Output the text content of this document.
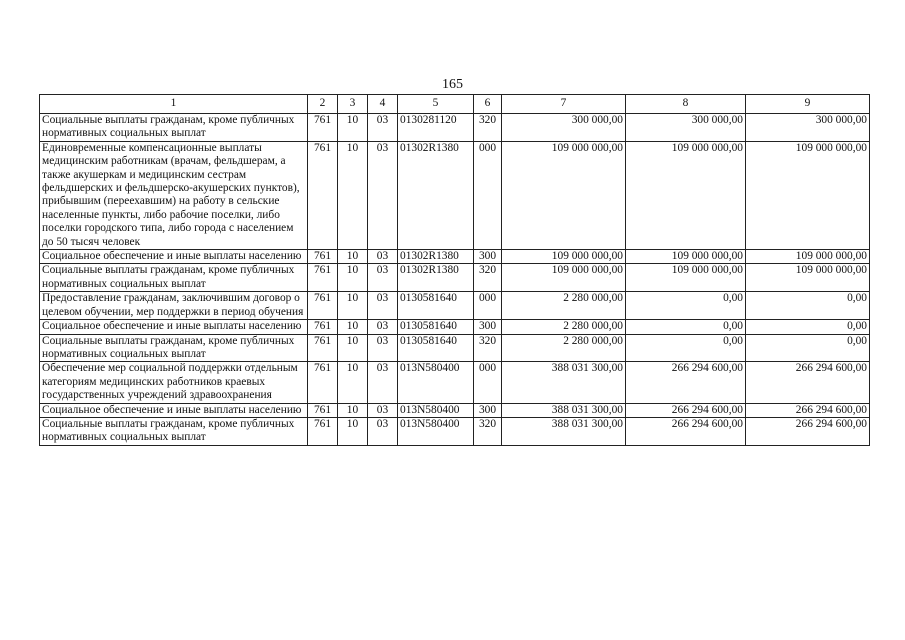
165
1	2	3	4	5	6	7	8	9
Социальные выплаты гражданам, кроме публичных нормативных социальных выплат	761	10	03	0130281120	320	300 000,00	300 000,00	300 000,00
Единовременные компенсационные выплаты медицинским работникам (врачам, фельдшерам, а также акушеркам и медицинским сестрам фельдшерских и фельдшерско-акушерских пунктов), прибывшим (переехавшим) на работу в сельские населенные пункты, либо рабочие поселки, либо поселки городского типа, либо города с населением до 50 тысяч человек	761	10	03	01302R1380	000	109 000 000,00	109 000 000,00	109 000 000,00
Социальное обеспечение и иные выплаты населению	761	10	03	01302R1380	300	109 000 000,00	109 000 000,00	109 000 000,00
Социальные выплаты гражданам, кроме публичных нормативных социальных выплат	761	10	03	01302R1380	320	109 000 000,00	109 000 000,00	109 000 000,00
Предоставление гражданам, заключившим договор о целевом обучении, мер поддержки в период обучения	761	10	03	0130581640	000	2 280 000,00	0,00	0,00
Социальное обеспечение и иные выплаты населению	761	10	03	0130581640	300	2 280 000,00	0,00	0,00
Социальные выплаты гражданам, кроме публичных нормативных социальных выплат	761	10	03	0130581640	320	2 280 000,00	0,00	0,00
Обеспечение мер социальной поддержки отдельным категориям медицинских работников краевых государственных учреждений здравоохранения	761	10	03	013N580400	000	388 031 300,00	266 294 600,00	266 294 600,00
Социальное обеспечение и иные выплаты населению	761	10	03	013N580400	300	388 031 300,00	266 294 600,00	266 294 600,00
Социальные выплаты гражданам, кроме публичных нормативных социальных выплат	761	10	03	013N580400	320	388 031 300,00	266 294 600,00	266 294 600,00
